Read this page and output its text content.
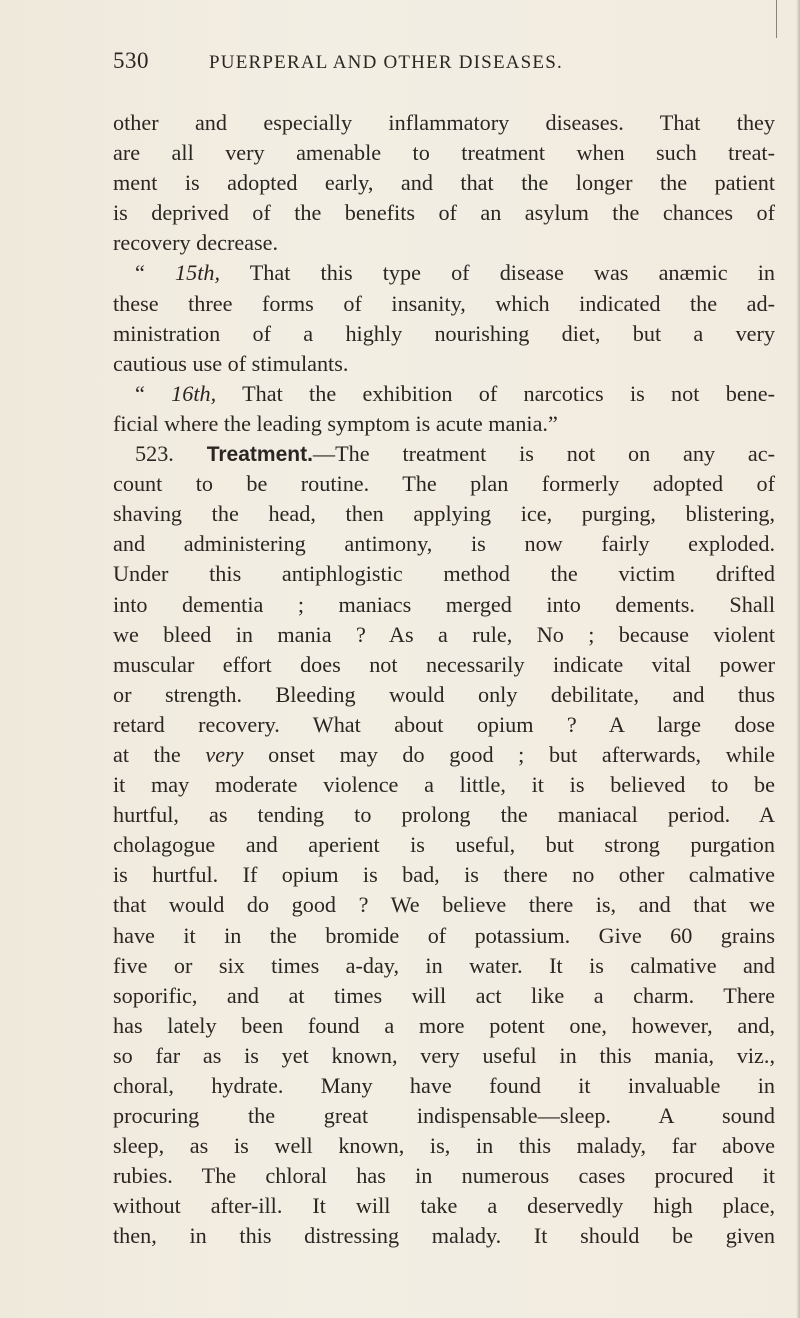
530	PUERPERAL AND OTHER DISEASES.
other and especially inflammatory diseases. That they
are all very amenable to treatment when such treat-
ment is adopted early, and that the longer the patient
is deprived of the benefits of an asylum the chances of
recovery decrease.
“ 15th, That this type of disease was anæmic in
these three forms of insanity, which indicated the ad-
ministration of a highly nourishing diet, but a very
cautious use of stimulants.
“ 16th, That the exhibition of narcotics is not bene-
ficial where the leading symptom is acute mania.”
523. Treatment.—The treatment is not on any ac-
count to be routine. The plan formerly adopted of
shaving the head, then applying ice, purging, blistering,
and administering antimony, is now fairly exploded.
Under this antiphlogistic method the victim drifted
into dementia ; maniacs merged into dements. Shall
we bleed in mania ? As a rule, No ; because violent
muscular effort does not necessarily indicate vital power
or strength. Bleeding would only debilitate, and thus
retard recovery. What about opium ? A large dose
at the very onset may do good ; but afterwards, while
it may moderate violence a little, it is believed to be
hurtful, as tending to prolong the maniacal period. A
cholagogue and aperient is useful, but strong purgation
is hurtful. If opium is bad, is there no other calmative
that would do good ? We believe there is, and that we
have it in the bromide of potassium. Give 60 grains
five or six times a-day, in water. It is calmative and
soporific, and at times will act like a charm. There
has lately been found a more potent one, however, and,
so far as is yet known, very useful in this mania, viz.,
choral, hydrate. Many have found it invaluable in
procuring the great indispensable—sleep. A sound
sleep, as is well known, is, in this malady, far above
rubies. The chloral has in numerous cases procured it
without after-ill. It will take a deservedly high place,
then, in this distressing malady. It should be given
